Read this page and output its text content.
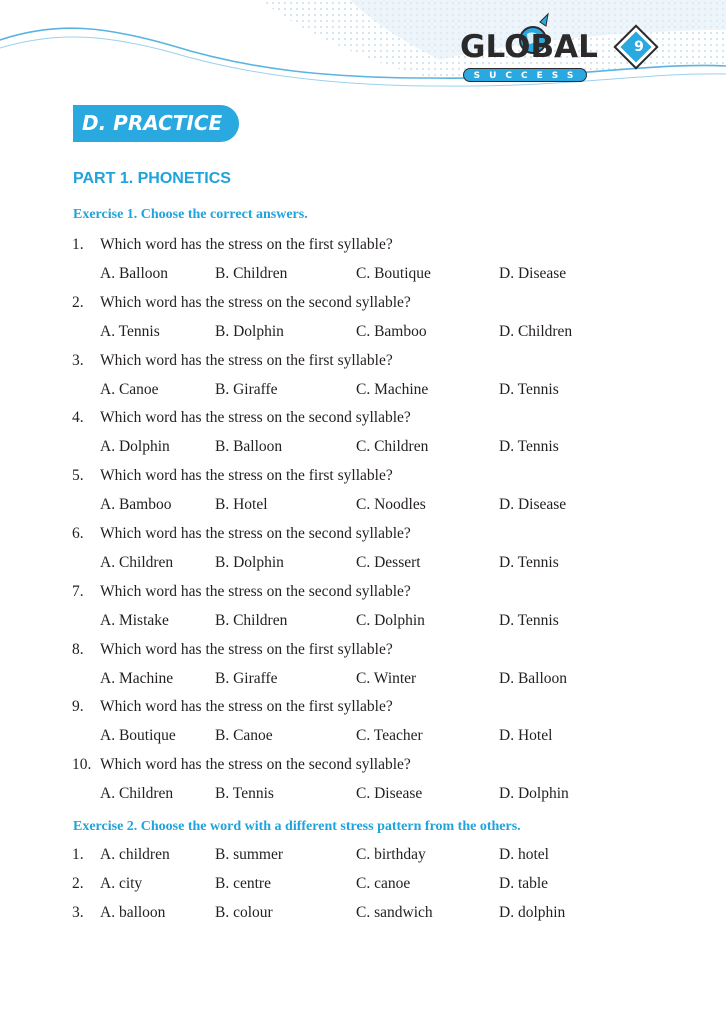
GLOBAL
SUCCESS
9
D. PRACTICE
PART 1. PHONETICS
Exercise 1. Choose the correct answers.
1. Which word has the stress on the first syllable?
A. Balloon	B. Children	C. Boutique	D. Disease
2. Which word has the stress on the second syllable?
A. Tennis	B. Dolphin	C. Bamboo	D. Children
3. Which word has the stress on the first syllable?
A. Canoe	B. Giraffe	C. Machine	D. Tennis
4. Which word has the stress on the second syllable?
A. Dolphin	B. Balloon	C. Children	D. Tennis
5. Which word has the stress on the first syllable?
A. Bamboo	B. Hotel	C. Noodles	D. Disease
6. Which word has the stress on the second syllable?
A. Children	B. Dolphin	C. Dessert	D. Tennis
7. Which word has the stress on the second syllable?
A. Mistake	B. Children	C. Dolphin	D. Tennis
8. Which word has the stress on the first syllable?
A. Machine	B. Giraffe	C. Winter	D. Balloon
9. Which word has the stress on the first syllable?
A. Boutique	B. Canoe	C. Teacher	D. Hotel
10. Which word has the stress on the second syllable?
A. Children	B. Tennis	C. Disease	D. Dolphin
Exercise 2. Choose the word with a different stress pattern from the others.
1. A. children	B. summer	C. birthday	D. hotel
2. A. city	B. centre	C. canoe	D. table
3. A. balloon	B. colour	C. sandwich	D. dolphin
